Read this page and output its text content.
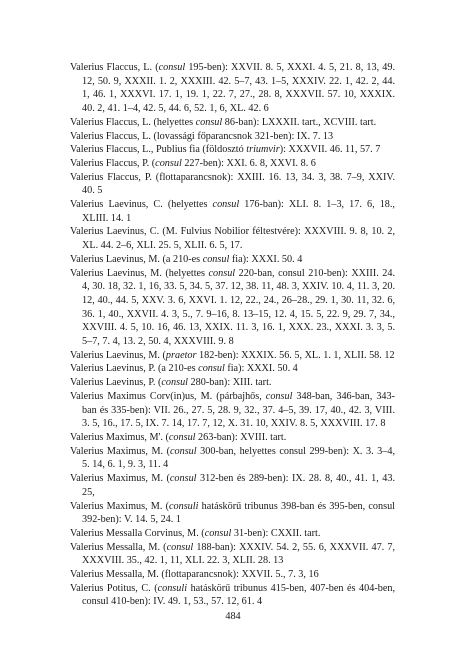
Valerius Flaccus, L. (consul 195-ben): XXVII. 8. 5, XXXI. 4. 5, 21. 8, 13, 49. 12, 50. 9, XXXII. 1. 2, XXXIII. 42. 5–7, 43. 1–5, XXXIV. 22. 1, 42. 2, 44. 1, 46. 1, XXXVI. 17. 1, 19. 1, 22. 7, 27., 28. 8, XXXVII. 57. 10, XXXIX. 40. 2, 41. 1–4, 42. 5, 44. 6, 52. 1, 6, XL. 42. 6
Valerius Flaccus, L. (helyettes consul 86-ban): LXXXII. tart., XCVIII. tart.
Valerius Flaccus, L. (lovassági főparancsnok 321-ben): IX. 7. 13
Valerius Flaccus, L., Publius fia (földosztó triumvir): XXXVII. 46. 11, 57. 7
Valerius Flaccus, P. (consul 227-ben): XXI. 6. 8, XXVI. 8. 6
Valerius Flaccus, P. (flottaparancsnok): XXIII. 16. 13, 34. 3, 38. 7–9, XXIV. 40. 5
Valerius Laevinus, C. (helyettes consul 176-ban): XLI. 8. 1–3, 17. 6, 18., XLIII. 14. 1
Valerius Laevinus, C. (M. Fulvius Nobilior féltestvére): XXXVIII. 9. 8, 10. 2, XL. 44. 2–6, XLI. 25. 5, XLII. 6. 5, 17.
Valerius Laevinus, M. (a 210-es consul fia): XXXI. 50. 4
Valerius Laevinus, M. (helyettes consul 220-ban, consul 210-ben): XXIII. 24. 4, 30. 18, 32. 1, 16, 33. 5, 34. 5, 37. 12, 38. 11, 48. 3, XXIV. 10. 4, 11. 3, 20. 12, 40., 44. 5, XXV. 3. 6, XXVI. 1. 12, 22., 24., 26–28., 29. 1, 30. 11, 32. 6, 36. 1, 40., XXVII. 4. 3, 5., 7. 9–16, 8. 13–15, 12. 4, 15. 5, 22. 9, 29. 7, 34., XXVIII. 4. 5, 10. 16, 46. 13, XXIX. 11. 3, 16. 1, XXX. 23., XXXI. 3. 3, 5. 5–7, 7. 4, 13. 2, 50. 4, XXXVIII. 9. 8
Valerius Laevinus, M. (praetor 182-ben): XXXIX. 56. 5, XL. 1. 1, XLII. 58. 12
Valerius Laevinus, P. (a 210-es consul fia): XXXI. 50. 4
Valerius Laevinus, P. (consul 280-ban): XIII. tart.
Valerius Maximus Corv(in)us, M. (párbajhős, consul 348-ban, 346-ban, 343-ban és 335-ben): VII. 26., 27. 5, 28. 9, 32., 37. 4–5, 39. 17, 40., 42. 3, VIII. 3. 5, 16., 17. 5, IX. 7. 14, 17. 7, 12, X. 31. 10, XXIV. 8. 5, XXXVIII. 17. 8
Valerius Maximus, M'. (consul 263-ban): XVIII. tart.
Valerius Maximus, M. (consul 300-ban, helyettes consul 299-ben): X. 3. 3–4, 5. 14, 6. 1, 9. 3, 11. 4
Valerius Maximus, M. (consul 312-ben és 289-ben): IX. 28. 8, 40., 41. 1, 43. 25,
Valerius Maximus, M. (consuli hatáskörű tribunus 398-ban és 395-ben, consul 392-ben): V. 14. 5, 24. 1
Valerius Messalla Corvinus, M. (consul 31-ben): CXXII. tart.
Valerius Messalla, M. (consul 188-ban): XXXIV. 54. 2, 55. 6, XXXVII. 47. 7, XXXVIII. 35., 42. 1, 11, XLI. 22. 3, XLII. 28. 13
Valerius Messalla, M. (flottaparancsnok): XXVII. 5., 7. 3, 16
Valerius Potitus, C. (consuli hatáskörű tribunus 415-ben, 407-ben és 404-ben, consul 410-ben): IV. 49. 1, 53., 57. 12, 61. 4
484
